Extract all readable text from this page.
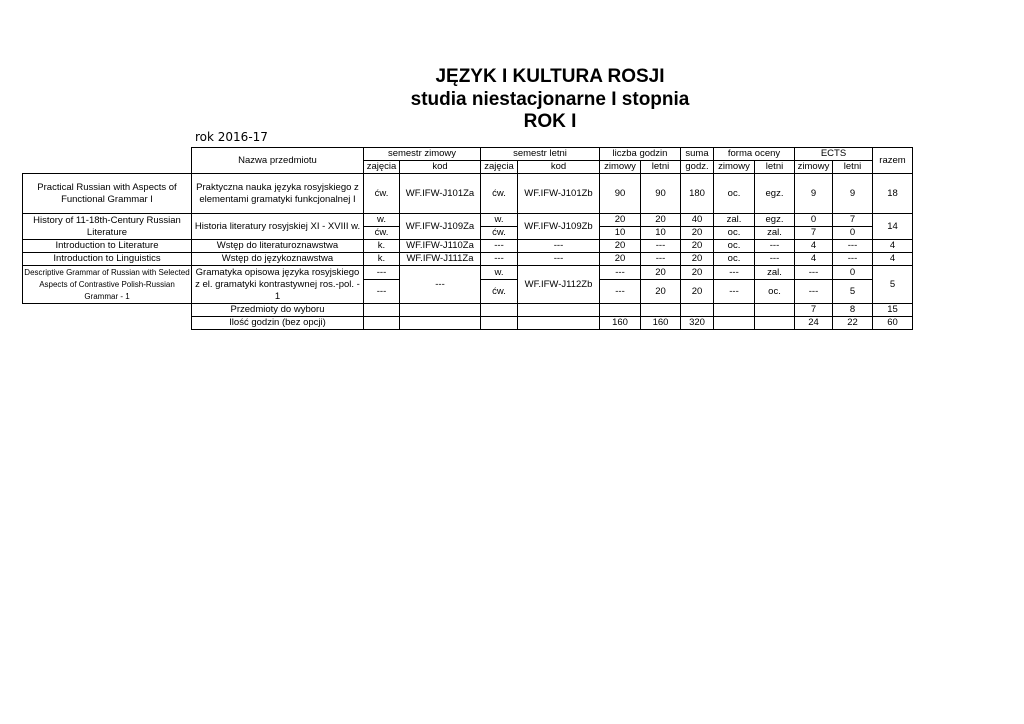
JĘZYK I KULTURA ROSJI
studia niestacjonarne I stopnia
ROK I
rok 2016-17
	Nazwa przedmiotu	semestr zimowy		semestr letni		liczba godzin		suma	forma oceny		ECTS		razem
		zajęcia	kod	zajęcia	kod	zimowy	letni	godz.	zimowy	letni	zimowy	letni	
Practical Russian with Aspects of Functional Grammar I	Praktyczna nauka języka rosyjskiego z elementami gramatyki funkcjonalnej I	ćw.	WF.IFW-J101Za	ćw.	WF.IFW-J101Zb	90	90	180	oc.	egz.	9	9	18
History of 11-18th-Century Russian Literature	Historia literatury rosyjskiej XI - XVIII w.	w.	WF.IFW-J109Za	w.	WF.IFW-J109Zb	20	20	40	zal.	egz.	0	7	14
		ćw.		ćw.		10	10	20	oc.	zal.	7	0	
Introduction to Literature	Wstęp do literaturoznawstwa	k.	WF.IFW-J110Za	---	---	20	---	20	oc.	---	4	---	4
Introduction to Linguistics	Wstęp do językoznawstwa	k.	WF.IFW-J111Za	---	---	20	---	20	oc.	---	4	---	4
Descriptive Grammar of Russian with Selected Aspects of Contrastive Polish-Russian Grammar - 1	Gramatyka opisowa języka rosyjskiego z el. gramatyki kontrastywnej ros.-pol. - 1	---	---	w.	WF.IFW-J112Zb	---	20	20	---	zal.	---	0	5
		---		ćw.		---	20	20	---	oc.	---	5	
	Przedmioty do wyboru										7	8	15
	Ilość godzin (bez opcji)					160	160	320			24	22	60
